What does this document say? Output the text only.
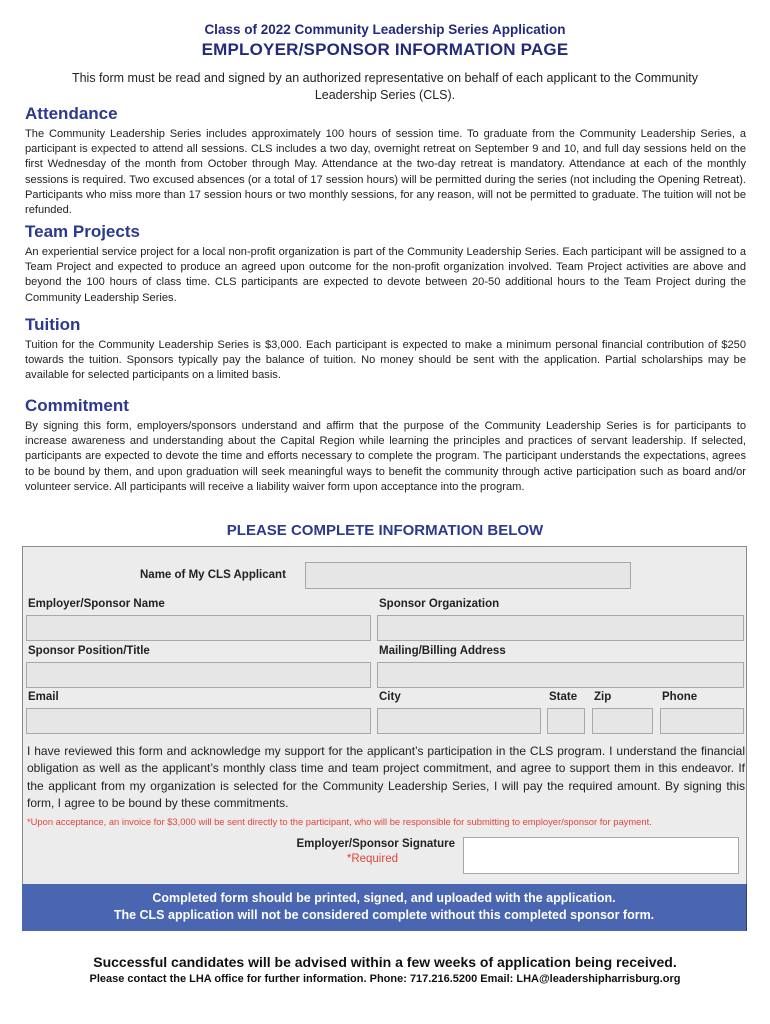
Class of 2022 Community Leadership Series Application
EMPLOYER/SPONSOR INFORMATION PAGE
This form must be read and signed by an authorized representative on behalf of each applicant to the Community Leadership Series (CLS).
Attendance
The Community Leadership Series includes approximately 100 hours of session time. To graduate from the Community Leadership Series, a participant is expected to attend all sessions. CLS includes a two day, overnight retreat on September 9 and 10, and full day sessions held on the first Wednesday of the month from October through May. Attendance at the two-day retreat is mandatory. Attendance at each of the monthly sessions is required. Two excused absences (or a total of 17 session hours) will be permitted during the series (not including the Opening Retreat). Participants who miss more than 17 session hours or two monthly sessions, for any reason, will not be permitted to graduate. The tuition will not be refunded.
Team Projects
An experiential service project for a local non-profit organization is part of the Community Leadership Series. Each participant will be assigned to a Team Project and expected to produce an agreed upon outcome for the non-profit organization involved. Team Project activities are above and beyond the 100 hours of class time. CLS participants are expected to devote between 20-50 additional hours to the Team Project during the Community Leadership Series.
Tuition
Tuition for the Community Leadership Series is $3,000. Each participant is expected to make a minimum personal financial contribution of $250 towards the tuition. Sponsors typically pay the balance of tuition. No money should be sent with the application. Partial scholarships may be available for selected participants on a limited basis.
Commitment
By signing this form, employers/sponsors understand and affirm that the purpose of the Community Leadership Series is for participants to increase awareness and understanding about the Capital Region while learning the principles and practices of servant leadership. If selected, participants are expected to devote the time and efforts necessary to complete the program. The participant understands the expectations, agrees to be bound by them, and upon graduation will seek meaningful ways to benefit the community through active participation such as board and/or volunteer service. All participants will receive a liability waiver form upon acceptance into the program.
PLEASE COMPLETE INFORMATION BELOW
Name of My CLS Applicant
Employer/Sponsor Name	Sponsor Organization
Sponsor Position/Title	Mailing/Billing Address
Email	City	State Zip	Phone
I have reviewed this form and acknowledge my support for the applicant’s participation in the CLS program. I understand the financial obligation as well as the applicant’s monthly class time and team project commitment, and agree to support them in this endeavor. If the applicant from my organization is selected for the Community Leadership Series, I will pay the required amount. By signing this form, I agree to be bound by these commitments.
*Upon acceptance, an invoice for $3,000 will be sent directly to the participant, who will be responsible for submitting to employer/sponsor for payment.
Employer/Sponsor Signature
*Required
Completed form should be printed, signed, and uploaded with the application.
The CLS application will not be considered complete without this completed sponsor form.
Successful candidates will be advised within a few weeks of application being received.
Please contact the LHA office for further information. Phone: 717.216.5200 Email: LHA@leadershipharrisburg.org
